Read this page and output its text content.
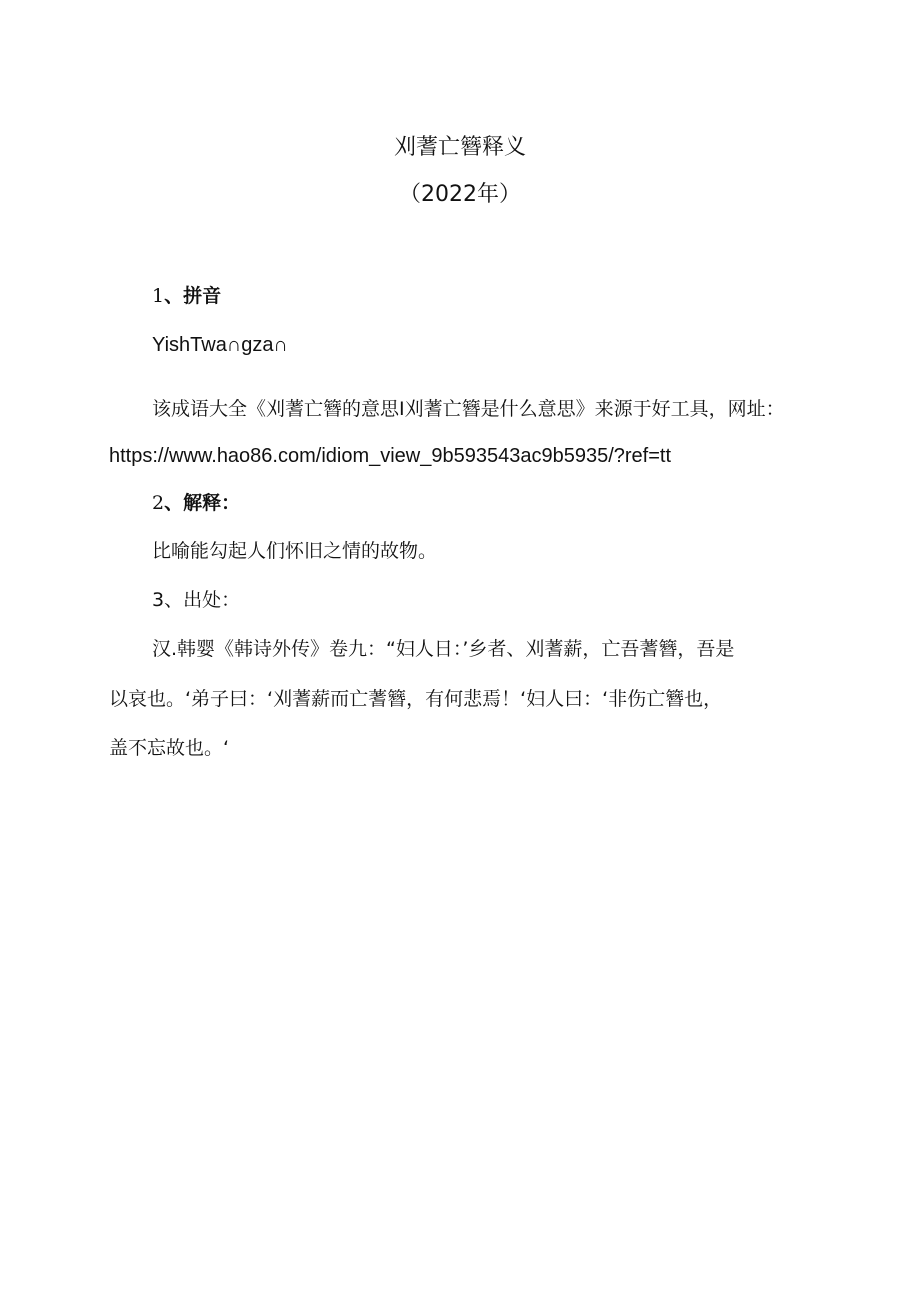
刈蓍亡簪释义
（2022年）
1、拼音
YishTwa∩gza∩
该成语大全《刈蓍亡簪的意思I刈蓍亡簪是什么意思》来源于好工具，网址：
https://www.hao86.com/idiom_view_9b593543ac9b5935/?ref=tt
2、解释：
比喻能勾起人们怀旧之情的故物。
3、出处：
汉.韩婴《韩诗外传》卷九：“妇人日：’乡者、刈蓍薪，亡吾蓍簪，吾是
以哀也。‘弟子曰：‘刈蓍薪而亡蓍簪，有何悲焉！‘妇人曰：‘非伤亡簪也，
盖不忘故也。‘
